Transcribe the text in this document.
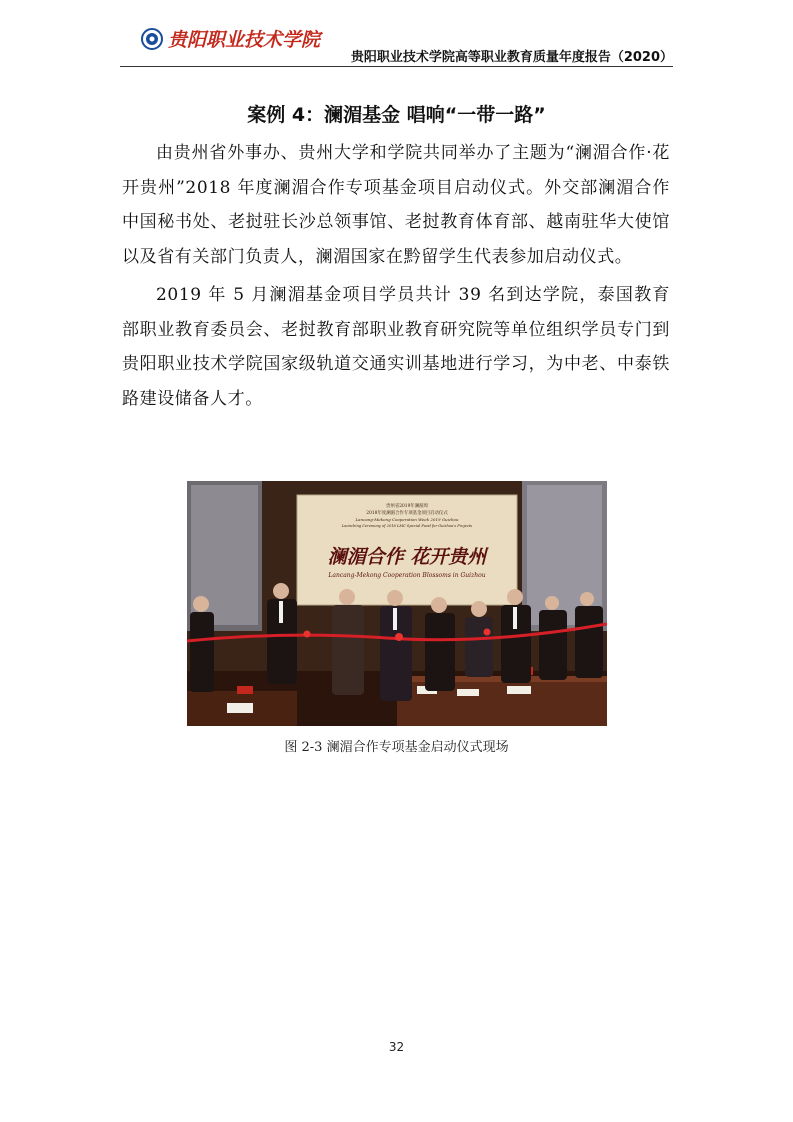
贵阳职业技术学院
贵阳职业技术学院高等职业教育质量年度报告（2020）
案例 4：澜湄基金 唱响“一带一路”

由贵州省外事办、贵州大学和学院共同举办了主题为“澜湄合作·花开贵州”2018 年度澜湄合作专项基金项目启动仪式。外交部澜湄合作中国秘书处、老挝驻长沙总领事馆、老挝教育体育部、越南驻华大使馆以及省有关部门负责人，澜湄国家在黔留学生代表参加启动仪式。

2019 年 5 月澜湄基金项目学员共计 39 名到达学院，泰国教育部职业教育委员会、老挝教育部职业教育研究院等单位组织学员专门到贵阳职业技术学院国家级轨道交通实训基地进行学习，为中老、中泰铁路建设储备人才。

贵州省2019年澜湄周
2018年度澜湄合作专项基金项目启动仪式
Lancang-Mekong Cooperation Week 2019 Guizhou
Launching Ceremony of 2018 LMC Special Fund for Guizhou's Projects
澜湄合作 花开贵州
Lancang-Mekong Cooperation Blossoms in Guizhou
图 2-3 澜湄合作专项基金启动仪式现场
32
